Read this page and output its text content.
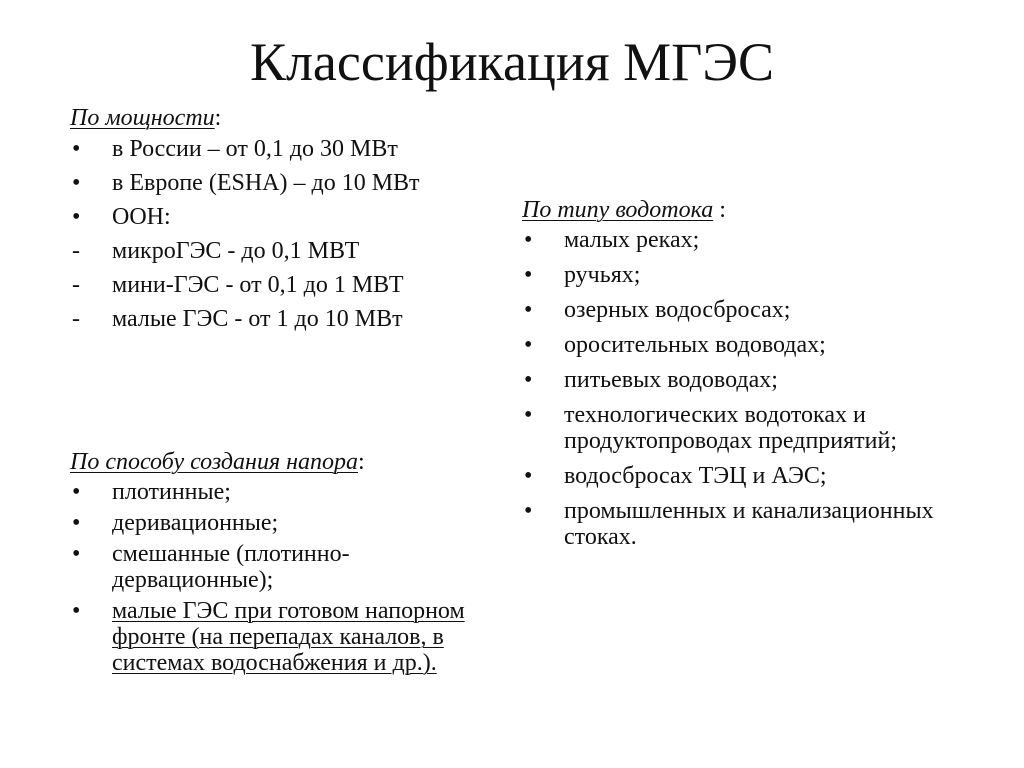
Классификация МГЭС
По мощности:
•	в России – от 0,1 до 30 МВт
•	в Европе (ESHA) – до 10 МВт
•	ООН:
-	микроГЭС - до 0,1 МВТ
-	мини-ГЭС - от 0,1 до 1 МВТ
-	малые ГЭС - от 1 до 10 МВт
По способу создания напора:
•	плотинные;
•	деривационные;
•	смешанные (плотинно-дервационные);
•	малые ГЭС при готовом напорном фронте (на перепадах каналов, в системах водоснабжения и др.).
По типу водотока :
•	малых реках;
•	ручьях;
•	озерных водосбросах;
•	оросительных водоводах;
•	питьевых водоводах;
•	технологических водотоках и продуктопроводах предприятий;
•	водосбросах ТЭЦ и АЭС;
•	промышленных и канализационных стоках.
